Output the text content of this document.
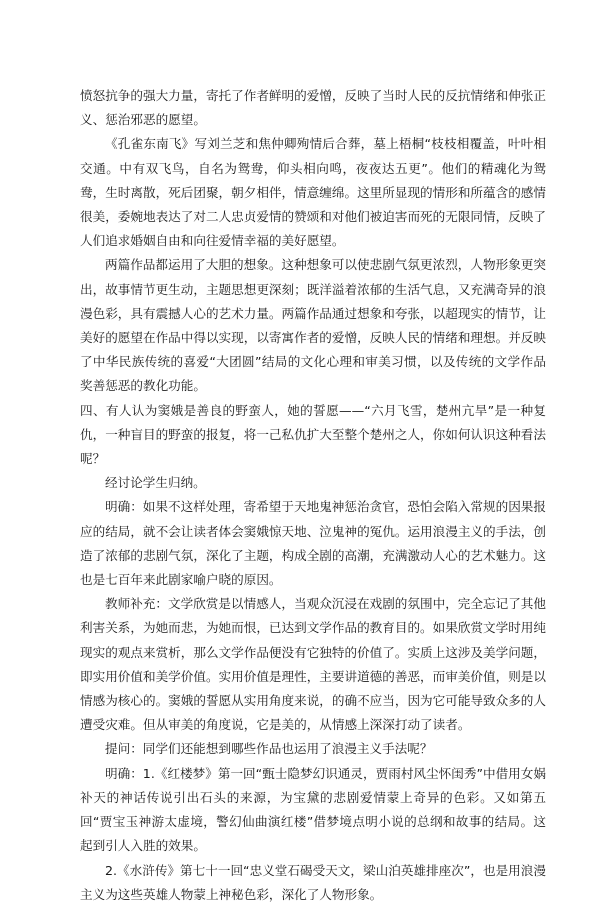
愤怒抗争的强大力量，寄托了作者鲜明的爱憎，反映了当时人民的反抗情绪和伸张正义、惩治邪恶的愿望。

《孔雀东南飞》写刘兰芝和焦仲卿殉情后合葬，墓上梧桐“枝枝相覆盖，叶叶相交通。中有双飞鸟，自名为鸳鸯，仰头相向鸣，夜夜达五更”。他们的精魂化为鸳鸯，生时离散，死后团聚，朝夕相伴，情意缠绵。这里所显现的情形和所蕴含的感情很美，委婉地表达了对二人忠贞爱情的赞颂和对他们被迫害而死的无限同情，反映了人们追求婚姻自由和向往爱情幸福的美好愿望。

两篇作品都运用了大胆的想象。这种想象可以使悲剧气氛更浓烈，人物形象更突出，故事情节更生动，主题思想更深刻；既洋溢着浓郁的生活气息，又充满奇异的浪漫色彩，具有震撼人心的艺术力量。两篇作品通过想象和夸张，以超现实的情节，让美好的愿望在作品中得以实现，以寄寓作者的爱憎，反映人民的情绪和理想。并反映了中华民族传统的喜爱“大团圆”结局的文化心理和审美习惯，以及传统的文学作品奖善惩恶的教化功能。

四、有人认为窦娥是善良的野蛮人，她的誓愿——“六月飞雪，楚州亢旱”是一种复仇，一种盲目的野蛮的报复，将一己私仇扩大至整个楚州之人，你如何认识这种看法呢？

经讨论学生归纳。

明确：如果不这样处理，寄希望于天地鬼神惩治贪官，恐怕会陷入常规的因果报应的结局，就不会让读者体会窦娥惊天地、泣鬼神的冤仇。运用浪漫主义的手法，创造了浓郁的悲剧气氛，深化了主题，构成全剧的高潮，充满激动人心的艺术魅力。这也是七百年来此剧家喻户晓的原因。

教师补充：文学欣赏是以情感人，当观众沉浸在戏剧的氛围中，完全忘记了其他利害关系，为她而悲，为她而恨，已达到文学作品的教育目的。如果欣赏文学时用纯现实的观点来赏析，那么文学作品便没有它独特的价值了。实质上这涉及美学问题，即实用价值和美学价值。实用价值是理性，主要讲道德的善恶，而审美价值，则是以情感为核心的。窦娥的誓愿从实用角度来说，的确不应当，因为它可能导致众多的人遭受灾难。但从审美的角度说，它是美的，从情感上深深打动了读者。

提问：同学们还能想到哪些作品也运用了浪漫主义手法呢？

明确：1.《红楼梦》第一回“甄士隐梦幻识通灵，贾雨村风尘怀闺秀”中借用女娲补天的神话传说引出石头的来源，为宝黛的悲剧爱情蒙上奇异的色彩。又如第五回“贾宝玉神游太虚境，警幻仙曲演红楼”借梦境点明小说的总纲和故事的结局。这起到引人入胜的效果。

2.《水浒传》第七十一回“忠义堂石碣受天文，梁山泊英雄排座次”，也是用浪漫主义为这些英雄人物蒙上神秘色彩，深化了人物形象。
